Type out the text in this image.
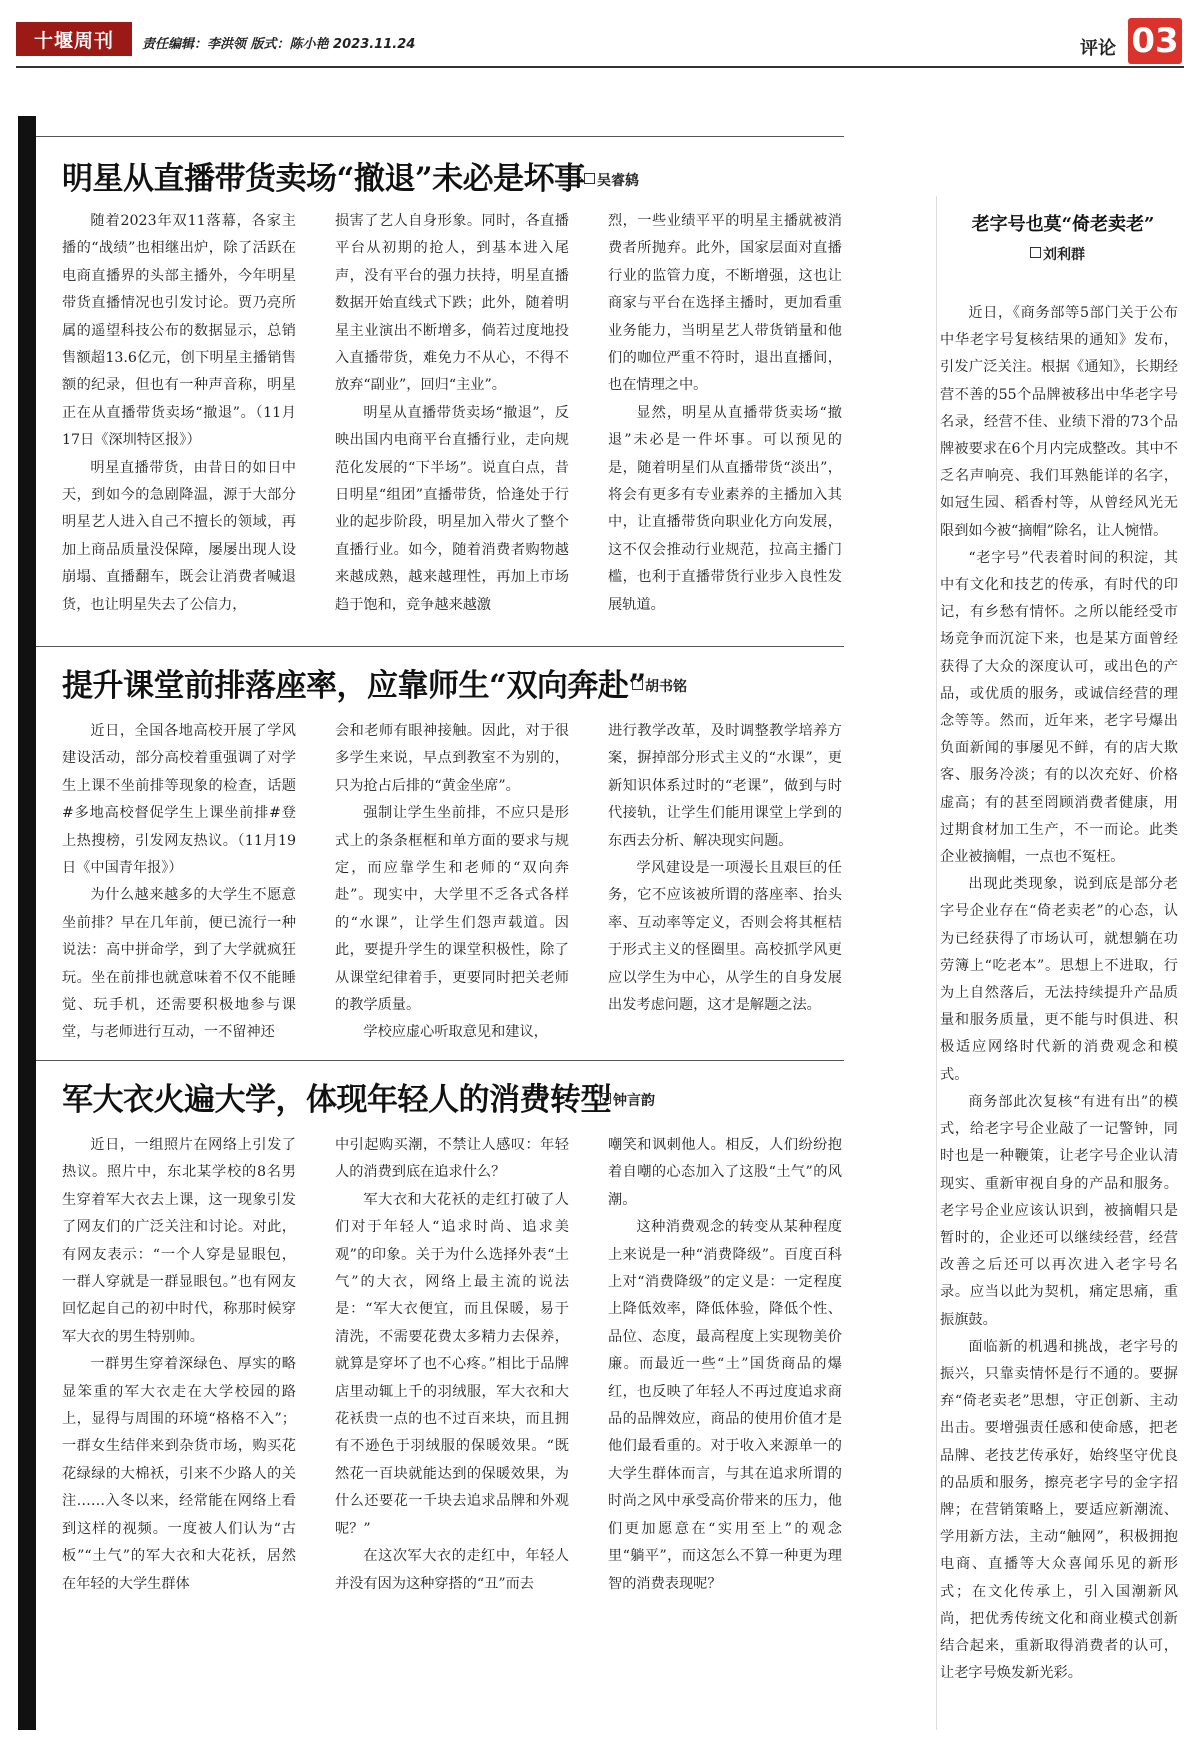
十堰周刊	责任编辑：李洪领 版式：陈小艳 2023.11.24	评论 03
明星从直播带货卖场“撤退”未必是坏事 吴睿鸫

随着2023年双11落幕，各家主播的“战绩”也相继出炉，除了活跃在电商直播界的头部主播外，今年明星带货直播情况也引发讨论。贾乃亮所属的遥望科技公布的数据显示，总销售额超13.6亿元，创下明星主播销售额的纪录，但也有一种声音称，明星正在从直播带货卖场“撤退”。（11月17日《深圳特区报》）

明星直播带货，由昔日的如日中天，到如今的急剧降温，源于大部分明星艺人进入自己不擅长的领域，再加上商品质量没保障，屡屡出现人设崩塌、直播翻车，既会让消费者喊退货，也让明星失去了公信力，

损害了艺人自身形象。同时，各直播平台从初期的抢人，到基本进入尾声，没有平台的强力扶持，明星直播数据开始直线式下跌；此外，随着明星主业演出不断增多，倘若过度地投入直播带货，难免力不从心，不得不放弃“副业”，回归“主业”。

明星从直播带货卖场“撤退”，反映出国内电商平台直播行业，走向规范化发展的“下半场”。说直白点，昔日明星“组团”直播带货，恰逢处于行业的起步阶段，明星加入带火了整个直播行业。如今，随着消费者购物越来越成熟，越来越理性，再加上市场趋于饱和，竞争越来越激

烈，一些业绩平平的明星主播就被消费者所抛弃。此外，国家层面对直播行业的监管力度，不断增强，这也让商家与平台在选择主播时，更加看重业务能力，当明星艺人带货销量和他们的咖位严重不符时，退出直播间，也在情理之中。

显然，明星从直播带货卖场“撤退”未必是一件坏事。可以预见的是，随着明星们从直播带货“淡出”，将会有更多有专业素养的主播加入其中，让直播带货向职业化方向发展，这不仅会推动行业规范，拉高主播门槛，也利于直播带货行业步入良性发展轨道。

提升课堂前排落座率，应靠师生“双向奔赴” 胡书铭

近日，全国各地高校开展了学风建设活动，部分高校着重强调了对学生上课不坐前排等现象的检查，话题#多地高校督促学生上课坐前排#登上热搜榜，引发网友热议。（11月19日《中国青年报》）

为什么越来越多的大学生不愿意坐前排？早在几年前，便已流行一种说法：高中拼命学，到了大学就疯狂玩。坐在前排也就意味着不仅不能睡觉、玩手机，还需要积极地参与课堂，与老师进行互动，一不留神还

会和老师有眼神接触。因此，对于很多学生来说，早点到教室不为别的，只为抢占后排的“黄金坐席”。

强制让学生坐前排，不应只是形式上的条条框框和单方面的要求与规定，而应靠学生和老师的“双向奔赴”。现实中，大学里不乏各式各样的“水课”，让学生们怨声载道。因此，要提升学生的课堂积极性，除了从课堂纪律着手，更要同时把关老师的教学质量。

学校应虚心听取意见和建议，

进行教学改革，及时调整教学培养方案，摒掉部分形式主义的“水课”，更新知识体系过时的“老课”，做到与时代接轨，让学生们能用课堂上学到的东西去分析、解决现实问题。

学风建设是一项漫长且艰巨的任务，它不应该被所谓的落座率、抬头率、互动率等定义，否则会将其框桔于形式主义的怪圈里。高校抓学风更应以学生为中心，从学生的自身发展出发考虑问题，这才是解题之法。

军大衣火遍大学，体现年轻人的消费转型 钟言韵

近日，一组照片在网络上引发了热议。照片中，东北某学校的8名男生穿着军大衣去上课，这一现象引发了网友们的广泛关注和讨论。对此，有网友表示：“一个人穿是显眼包，一群人穿就是一群显眼包。”也有网友回忆起自己的初中时代，称那时候穿军大衣的男生特别帅。

一群男生穿着深绿色、厚实的略显笨重的军大衣走在大学校园的路上，显得与周围的环境“格格不入”；一群女生结伴来到杂货市场，购买花花绿绿的大棉袄，引来不少路人的关注……入冬以来，经常能在网络上看到这样的视频。一度被人们认为“古板”“土气”的军大衣和大花袄，居然在年轻的大学生群体

中引起购买潮，不禁让人感叹：年轻人的消费到底在追求什么？

军大衣和大花袄的走红打破了人们对于年轻人“追求时尚、追求美观”的印象。关于为什么选择外表“土气”的大衣，网络上最主流的说法是：“军大衣便宜，而且保暖，易于清洗，不需要花费太多精力去保养，就算是穿坏了也不心疼。”相比于品牌店里动辄上千的羽绒服，军大衣和大花袄贵一点的也不过百来块，而且拥有不逊色于羽绒服的保暖效果。“既然花一百块就能达到的保暖效果，为什么还要花一千块去追求品牌和外观呢？”

在这次军大衣的走红中，年轻人并没有因为这种穿搭的“丑”而去

嘲笑和讽刺他人。相反，人们纷纷抱着自嘲的心态加入了这股“土气”的风潮。

这种消费观念的转变从某种程度上来说是一种“消费降级”。百度百科上对“消费降级”的定义是：一定程度上降低效率，降低体验，降低个性、品位、态度，最高程度上实现物美价廉。而最近一些“土”国货商品的爆红，也反映了年轻人不再过度追求商品的品牌效应，商品的使用价值才是他们最看重的。对于收入来源单一的大学生群体而言，与其在追求所谓的时尚之风中承受高价带来的压力，他们更加愿意在“实用至上”的观念里“躺平”，而这怎么不算一种更为理智的消费表现呢？

老字号也莫“倚老卖老”
刘利群

近日，《商务部等5部门关于公布中华老字号复核结果的通知》发布，引发广泛关注。根据《通知》，长期经营不善的55个品牌被移出中华老字号名录，经营不佳、业绩下滑的73个品牌被要求在6个月内完成整改。其中不乏名声响亮、我们耳熟能详的名字，如冠生园、稻香村等，从曾经风光无限到如今被“摘帽”除名，让人惋惜。

“老字号”代表着时间的积淀，其中有文化和技艺的传承，有时代的印记，有乡愁有情怀。之所以能经受市场竞争而沉淀下来，也是某方面曾经获得了大众的深度认可，或出色的产品，或优质的服务，或诚信经营的理念等等。然而，近年来，老字号爆出负面新闻的事屡见不鲜，有的店大欺客、服务冷淡；有的以次充好、价格虚高；有的甚至罔顾消费者健康，用过期食材加工生产，不一而论。此类企业被摘帽，一点也不冤枉。

出现此类现象，说到底是部分老字号企业存在“倚老卖老”的心态，认为已经获得了市场认可，就想躺在功劳簿上“吃老本”。思想上不进取，行为上自然落后，无法持续提升产品质量和服务质量，更不能与时俱进、积极适应网络时代新的消费观念和模式。

商务部此次复核“有进有出”的模式，给老字号企业敲了一记警钟，同时也是一种鞭策，让老字号企业认清现实、重新审视自身的产品和服务。老字号企业应该认识到，被摘帽只是暂时的，企业还可以继续经营，经营改善之后还可以再次进入老字号名录。应当以此为契机，痛定思痛，重振旗鼓。

面临新的机遇和挑战，老字号的振兴，只靠卖情怀是行不通的。要摒弃“倚老卖老”思想，守正创新、主动出击。要增强责任感和使命感，把老品牌、老技艺传承好，始终坚守优良的品质和服务，擦亮老字号的金字招牌；在营销策略上，要适应新潮流、学用新方法，主动“触网”，积极拥抱电商、直播等大众喜闻乐见的新形式；在文化传承上，引入国潮新风尚，把优秀传统文化和商业模式创新结合起来，重新取得消费者的认可，让老字号焕发新光彩。
